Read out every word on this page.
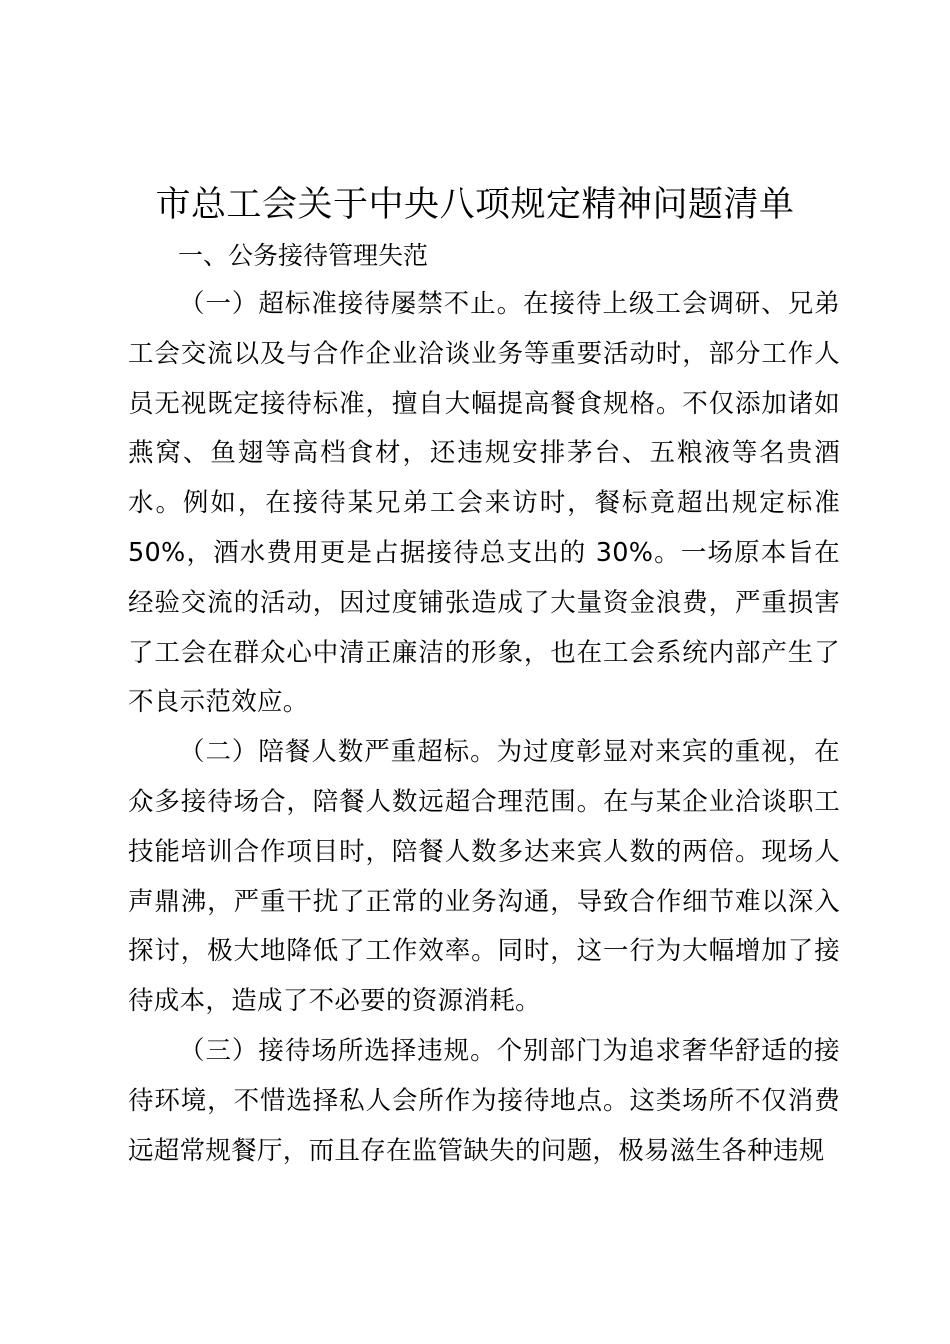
市总工会关于中央八项规定精神问题清单
一、公务接待管理失范

（一）超标准接待屡禁不止。在接待上级工会调研、兄弟工会交流以及与合作企业洽谈业务等重要活动时，部分工作人员无视既定接待标准，擅自大幅提高餐食规格。不仅添加诸如燕窝、鱼翅等高档食材，还违规安排茅台、五粮液等名贵酒水。例如，在接待某兄弟工会来访时，餐标竟超出规定标准 50%，酒水费用更是占据接待总支出的 30%。一场原本旨在经验交流的活动，因过度铺张造成了大量资金浪费，严重损害了工会在群众心中清正廉洁的形象，也在工会系统内部产生了不良示范效应。

（二）陪餐人数严重超标。为过度彰显对来宾的重视，在众多接待场合，陪餐人数远超合理范围。在与某企业洽谈职工技能培训合作项目时，陪餐人数多达来宾人数的两倍。现场人声鼎沸，严重干扰了正常的业务沟通，导致合作细节难以深入探讨，极大地降低了工作效率。同时，这一行为大幅增加了接待成本，造成了不必要的资源消耗。

（三）接待场所选择违规。个别部门为追求奢华舒适的接待环境，不惜选择私人会所作为接待地点。这类场所不仅消费远超常规餐厅，而且存在监管缺失的问题，极易滋生各种违规
